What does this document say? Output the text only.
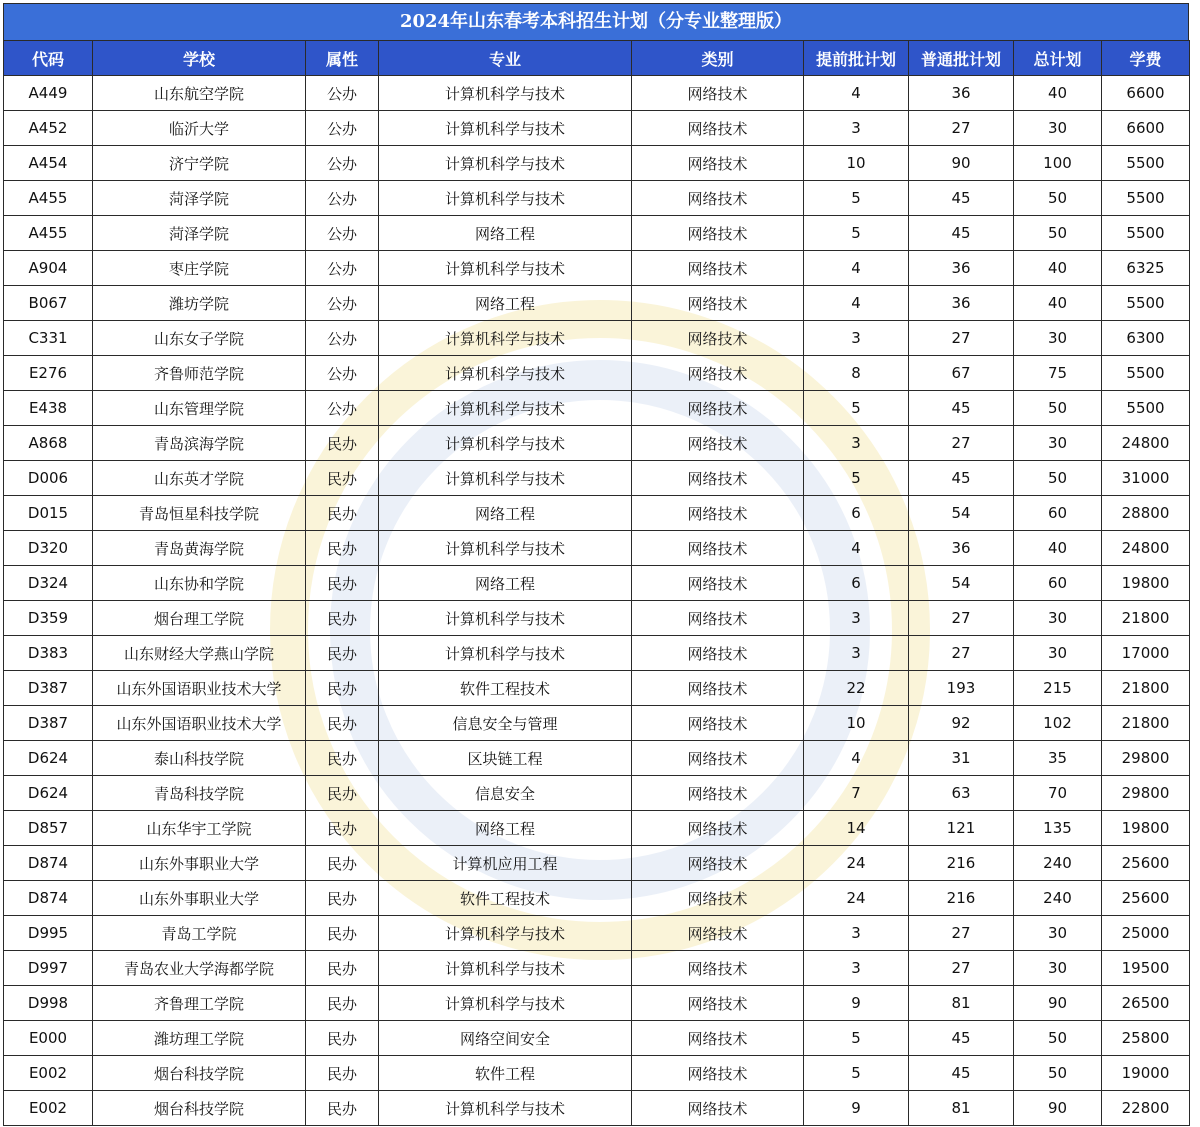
2024年山东春考本科招生计划（分专业整理版）
代码	学校	属性	专业	类别	提前批计划	普通批计划	总计划	学费
A449	山东航空学院	公办	计算机科学与技术	网络技术	4	36	40	6600
A452	临沂大学	公办	计算机科学与技术	网络技术	3	27	30	6600
A454	济宁学院	公办	计算机科学与技术	网络技术	10	90	100	5500
A455	菏泽学院	公办	计算机科学与技术	网络技术	5	45	50	5500
A455	菏泽学院	公办	网络工程	网络技术	5	45	50	5500
A904	枣庄学院	公办	计算机科学与技术	网络技术	4	36	40	6325
B067	潍坊学院	公办	网络工程	网络技术	4	36	40	5500
C331	山东女子学院	公办	计算机科学与技术	网络技术	3	27	30	6300
E276	齐鲁师范学院	公办	计算机科学与技术	网络技术	8	67	75	5500
E438	山东管理学院	公办	计算机科学与技术	网络技术	5	45	50	5500
A868	青岛滨海学院	民办	计算机科学与技术	网络技术	3	27	30	24800
D006	山东英才学院	民办	计算机科学与技术	网络技术	5	45	50	31000
D015	青岛恒星科技学院	民办	网络工程	网络技术	6	54	60	28800
D320	青岛黄海学院	民办	计算机科学与技术	网络技术	4	36	40	24800
D324	山东协和学院	民办	网络工程	网络技术	6	54	60	19800
D359	烟台理工学院	民办	计算机科学与技术	网络技术	3	27	30	21800
D383	山东财经大学燕山学院	民办	计算机科学与技术	网络技术	3	27	30	17000
D387	山东外国语职业技术大学	民办	软件工程技术	网络技术	22	193	215	21800
D387	山东外国语职业技术大学	民办	信息安全与管理	网络技术	10	92	102	21800
D624	泰山科技学院	民办	区块链工程	网络技术	4	31	35	29800
D624	青岛科技学院	民办	信息安全	网络技术	7	63	70	29800
D857	山东华宇工学院	民办	网络工程	网络技术	14	121	135	19800
D874	山东外事职业大学	民办	计算机应用工程	网络技术	24	216	240	25600
D874	山东外事职业大学	民办	软件工程技术	网络技术	24	216	240	25600
D995	青岛工学院	民办	计算机科学与技术	网络技术	3	27	30	25000
D997	青岛农业大学海都学院	民办	计算机科学与技术	网络技术	3	27	30	19500
D998	齐鲁理工学院	民办	计算机科学与技术	网络技术	9	81	90	26500
E000	潍坊理工学院	民办	网络空间安全	网络技术	5	45	50	25800
E002	烟台科技学院	民办	软件工程	网络技术	5	45	50	19000
E002	烟台科技学院	民办	计算机科学与技术	网络技术	9	81	90	22800
